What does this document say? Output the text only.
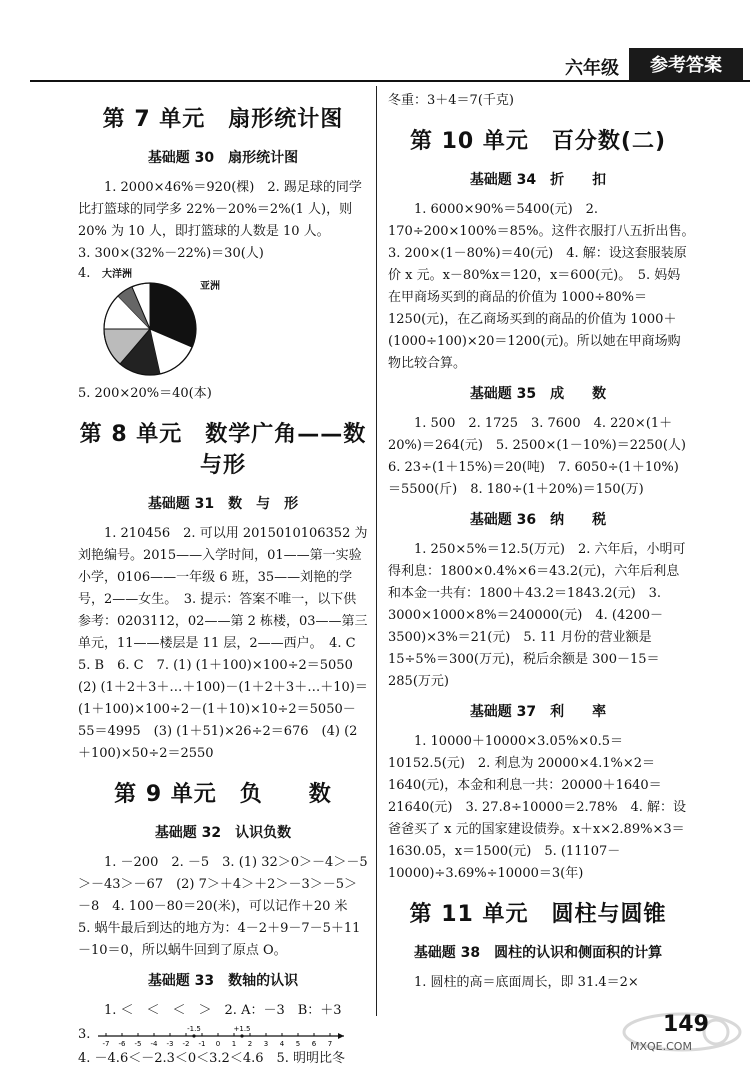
六年级 参考答案
第 7 单元　扇形统计图
基础题 30　扇形统计图

1. 2000×46%＝920(棵)　2. 踢足球的同学比打篮球的同学多 22%－20%＝2%(1 人)，则 20% 为 10 人，即打篮球的人数是 10 人。

3. 300×(32%－22%)＝30(人)

4. 大洋洲
亚洲

5. 200×20%＝40(本)

第 8 单元　数学广角——数与形
基础题 31　数　与　形

1. 210456　2. 可以用 2015010106352 为刘艳编号。2015——入学时间，01——第一实验小学，0106——一年级 6 班，35——刘艳的学号，2——女生。　3. 提示：答案不唯一，以下供参考：0203112，02——第 2 栋楼，03——第三单元，11——楼层是 11 层，2——西户。　4. C　5. B　6. C　7. (1) (1＋100)×100÷2＝5050　(2) (1＋2＋3＋…＋100)－(1＋2＋3＋…＋10)＝(1＋100)×100÷2－(1＋10)×10÷2＝5050－55＝4995　(3) (1＋51)×26÷2＝676　(4) (2＋100)×50÷2＝2550

第 9 单元　负　　数
基础题 32　认识负数

1. －200　2. －5　3. (1) 32＞0＞－4＞－5＞－43＞－67　(2) 7＞＋4＞＋2＞－3＞－5＞－8　4. 100－80＝20(米)，可以记作＋20 米　5. 蜗牛最后到达的地方为：4－2＋9－7－5＋11－10＝0，所以蜗牛回到了原点 O。

基础题 33　数轴的认识

1. ＜　＜　＜　＞　2. A：－3　B：＋3

3.
-7 -6 -5 -4 -3 -2 -1 0 1 2 3 4 5 6 7
-1.5	+1.5

4. －4.6＜－2.3＜0＜3.2＜4.6　5. 明明比冬

冬重：3＋4＝7(千克)

第 10 单元　百分数(二)
基础题 34　折　　扣

1. 6000×90%＝5400(元)　2. 170÷200×100%＝85%。这件衣服打八五折出售。　3. 200×(1－80%)＝40(元)　4. 解：设这套服装原价 x 元。x－80%x＝120，x＝600(元)。　5. 妈妈在甲商场买到的商品的价值为 1000÷80%＝1250(元)，在乙商场买到的商品的价值为 1000＋(1000÷100)×20＝1200(元)。所以她在甲商场购物比较合算。

基础题 35　成　　数

1. 500　2. 1725　3. 7600　4. 220×(1＋20%)＝264(元)　5. 2500×(1－10%)＝2250(人)　6. 23÷(1＋15%)＝20(吨)　7. 6050÷(1＋10%)＝5500(斤)　8. 180÷(1＋20%)＝150(万)

基础题 36　纳　　税

1. 250×5%＝12.5(万元)　2. 六年后，小明可得利息：1800×0.4%×6＝43.2(元)，六年后利息和本金一共有：1800＋43.2＝1843.2(元)　3. 3000×1000×8%＝240000(元)　4. (4200－3500)×3%＝21(元)　5. 11 月份的营业额是 15÷5%＝300(万元)，税后余额是 300－15＝285(万元)

基础题 37　利　　率

1. 10000＋10000×3.05%×0.5＝10152.5(元)　2. 利息为 20000×4.1%×2＝1640(元)，本金和利息一共：20000＋1640＝21640(元)　3. 27.8÷10000＝2.78%　4. 解：设爸爸买了 x 元的国家建设债券。x＋x×2.89%×3＝1630.05，x＝1500(元)　5. (11107－10000)÷3.69%÷10000＝3(年)

第 11 单元　圆柱与圆锥
基础题 38　圆柱的认识和侧面积的计算

1. 圆柱的高＝底面周长，即 31.4＝2×

149
MXQE.COM
